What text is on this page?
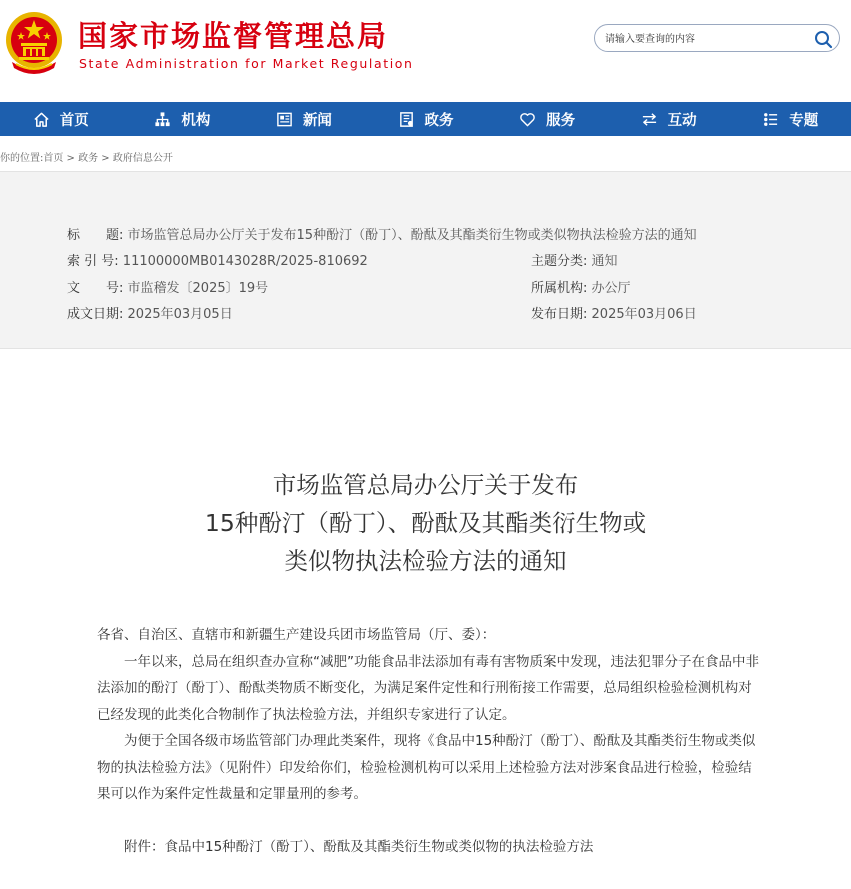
国家市场监督管理总局
State Administration for Market Regulation
请输入要查询的内容
首页	机构	新闻	政务	服务	互动	专题
你的位置:首页 > 政务 > 政府信息公开
标　　题: 市场监管总局办公厅关于发布15种酚汀（酚丁）、酚酞及其酯类衍生物或类似物执法检验方法的通知
索 引 号: 11100000MB0143028R/2025-810692	主题分类: 通知
文　　号: 市监稽发〔2025〕19号	所属机构: 办公厅
成文日期: 2025年03月05日	发布日期: 2025年03月06日
市场监管总局办公厅关于发布
15种酚汀（酚丁）、酚酞及其酯类衍生物或
类似物执法检验方法的通知

各省、自治区、直辖市和新疆生产建设兵团市场监管局（厅、委）：

一年以来，总局在组织查办宣称“减肥”功能食品非法添加有毒有害物质案中发现，违法犯罪分子在食品中非法添加的酚汀（酚丁）、酚酞类物质不断变化，为满足案件定性和行刑衔接工作需要，总局组织检验检测机构对已经发现的此类化合物制作了执法检验方法，并组织专家进行了认定。

为便于全国各级市场监管部门办理此类案件，现将《食品中15种酚汀（酚丁）、酚酞及其酯类衍生物或类似物的执法检验方法》（见附件）印发给你们，检验检测机构可以采用上述检验方法对涉案食品进行检验，检验结果可以作为案件定性裁量和定罪量刑的参考。

附件：食品中15种酚汀（酚丁）、酚酞及其酯类衍生物或类似物的执法检验方法
